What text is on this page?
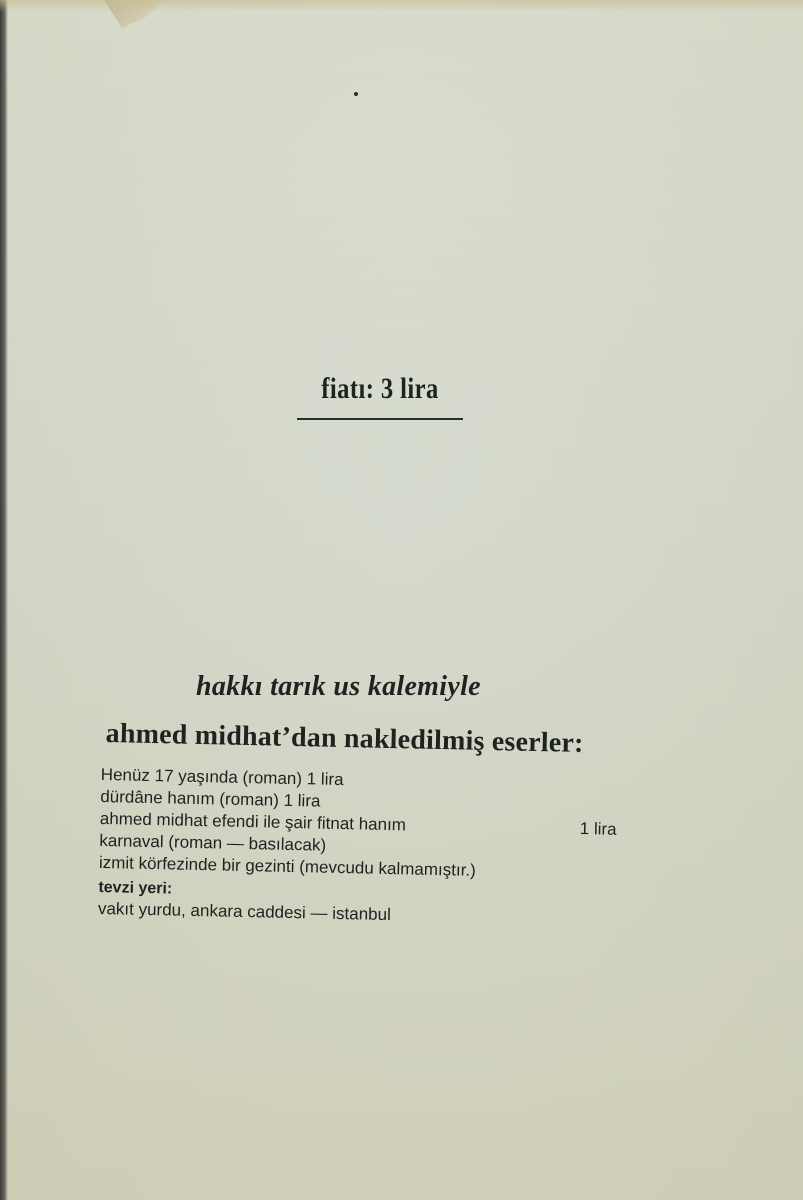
fiatı: 3 lira
hakkı tarık us kalemiyle
ahmed midhat’dan nakledilmiş eserler:
Henüz 17 yaşında (roman) 1 lira
dürdâne hanım (roman) 1 lira
ahmed midhat efendi ile şair fitnat hanım	1 lira
karnaval (roman — basılacak)
izmit körfezinde bir gezinti (mevcudu kalmamıştır.)
tevzi yeri:
vakıt yurdu, ankara caddesi — istanbul
